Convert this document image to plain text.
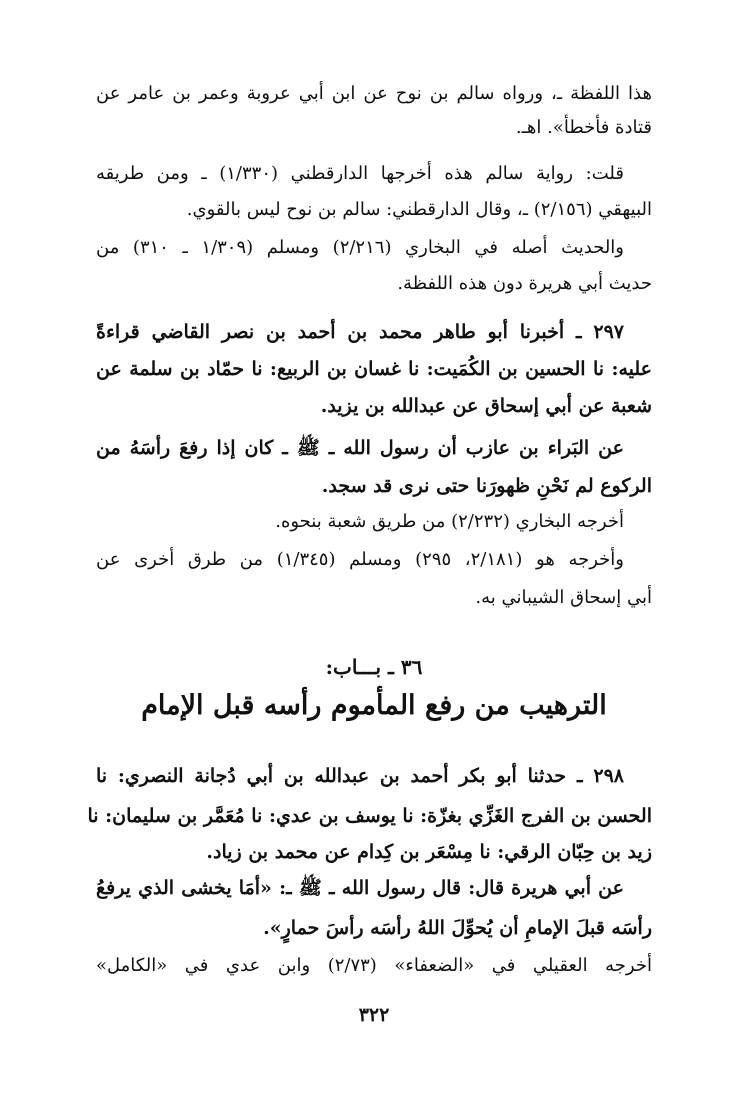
هذا اللفظة ـ، ورواه سالم بن نوح عن ابن أبي عروبة وعمر بن عامر عن
قتادة فأخطأ». اهـ.
قلت: رواية سالم هذه أخرجها الدارقطني (١/٣٣٠) ـ ومن طريقه
البيهقي (٢/١٥٦) ـ، وقال الدارقطني: سالم بن نوح ليس بالقوي.
والحديث أصله في البخاري (٢/٢١٦) ومسلم (١/٣٠٩ ـ ٣١٠) من
حديث أبي هريرة دون هذه اللفظة.
٢٩٧ ـ أخبرنا أبو طاهر محمد بن أحمد بن نصر القاضي قراءةً
عليه: نا الحسين بن الكُمَيت: نا غسان بن الربيع: نا حمّاد بن سلمة عن
شعبة عن أبي إسحاق عن عبدالله بن يزيد.
عن البَراء بن عازب أن رسول الله ـ ﷺ ـ كان إذا رفعَ رأسَهُ من
الركوع لم نَحْنِ ظهورَنا حتى نرى قد سجد.
أخرجه البخاري (٢/٢٣٢) من طريق شعبة بنحوه.
وأخرجه هو (٢/١٨١، ٢٩٥) ومسلم (١/٣٤٥) من طرق أخرى عن
أبي إسحاق الشيباني به.
٣٦ ـ بـــاب:
الترهيب من رفع المأموم رأسه قبل الإمام
٢٩٨ ـ حدثنا أبو بكر أحمد بن عبدالله بن أبي دُجانة النصري: نا
الحسن بن الفرج الغَزِّي بغزّة: نا يوسف بن عدي: نا مُعَمَّر بن سليمان: نا
زيد بن حِبّان الرقي: نا مِسْعَر بن كِدام عن محمد بن زياد.
عن أبي هريرة قال: قال رسول الله ـ ﷺ ـ: «أمَا يخشى الذي يرفعُ
رأسَه قبلَ الإمامِ أن يُحوِّلَ اللهُ رأسَه رأسَ حمارٍ».
أخرجه العقيلي في «الضعفاء» (٢/٧٣) وابن عدي في «الكامل»
٣٢٢
